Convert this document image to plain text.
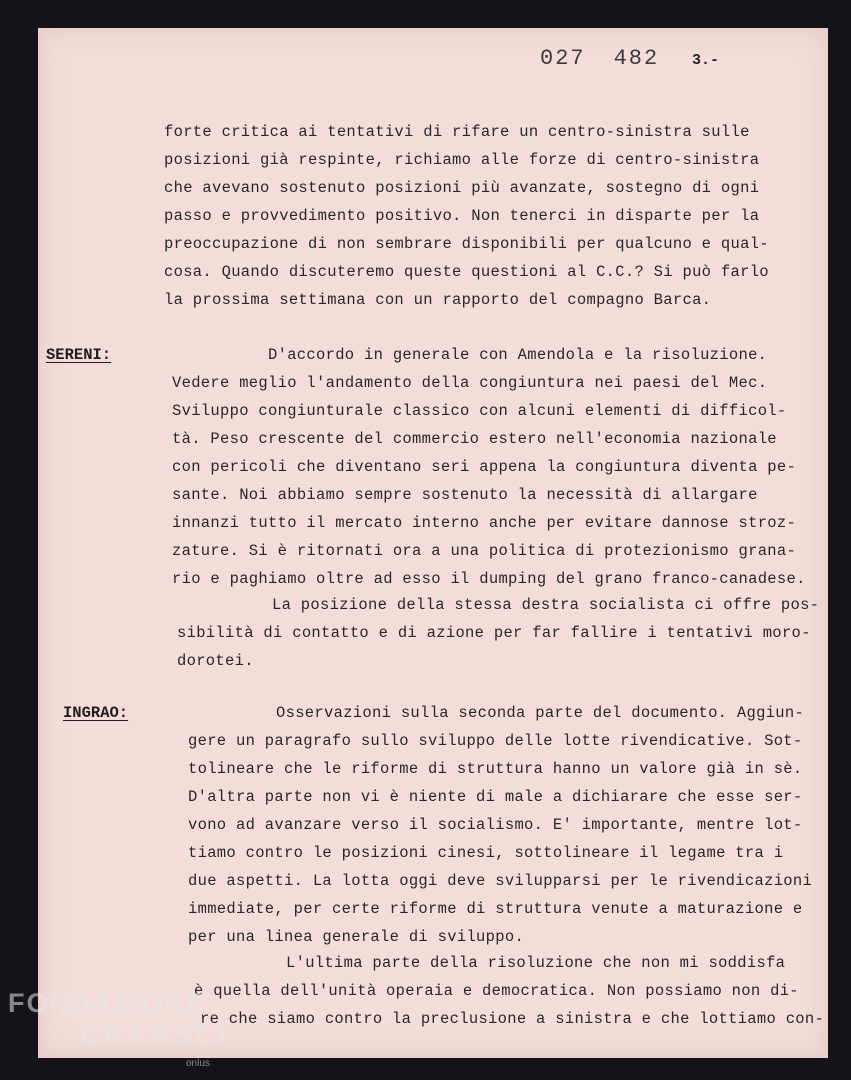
027 482 3.-
forte critica ai tentativi di rifare un centro-sinistra sulle
posizioni già respinte, richiamo alle forze di centro-sinistra
che avevano sostenuto posizioni più avanzate, sostegno di ogni
passo e provvedimento positivo. Non tenerci in disparte per la
preoccupazione di non sembrare disponibili per qualcuno e qual-
cosa. Quando discuteremo queste questioni al C.C.? Si può farlo
la prossima settimana con un rapporto del compagno Barca.
SERENI:	D'accordo in generale con Amendola e la risoluzione.
Vedere meglio l'andamento della congiuntura nei paesi del Mec.
Sviluppo congiunturale classico con alcuni elementi di difficol-
tà. Peso crescente del commercio estero nell'economia nazionale
con pericoli che diventano seri appena la congiuntura diventa pe-
sante. Noi abbiamo sempre sostenuto la necessità di allargare
innanzi tutto il mercato interno anche per evitare dannose stroz-
zature. Si è ritornati ora a una politica di protezionismo grana-
rio e paghiamo oltre ad esso il dumping del grano franco-canadese.
La posizione della stessa destra socialista ci offre pos-
sibilità di contatto e di azione per far fallire i tentativi moro-
dorotei.
INGRAO:	Osservazioni sulla seconda parte del documento. Aggiun-
gere un paragrafo sullo sviluppo delle lotte rivendicative. Sot-
tolineare che le riforme di struttura hanno un valore già in sè.
D'altra parte non vi è niente di male a dichiarare che esse ser-
vono ad avanzare verso il socialismo. E' importante, mentre lot-
tiamo contro le posizioni cinesi, sottolineare il legame tra i
due aspetti. La lotta oggi deve svilupparsi per le rivendicazioni
immediate, per certe riforme di struttura venute a maturazione e
per una linea generale di sviluppo.
L'ultima parte della risoluzione che non mi soddisfa
è quella dell'unità operaia e democratica. Non possiamo non di-
re che siamo contro la preclusione a sinistra e che lottiamo con-
FONDAZIONE
GRAMSCI
onlus
